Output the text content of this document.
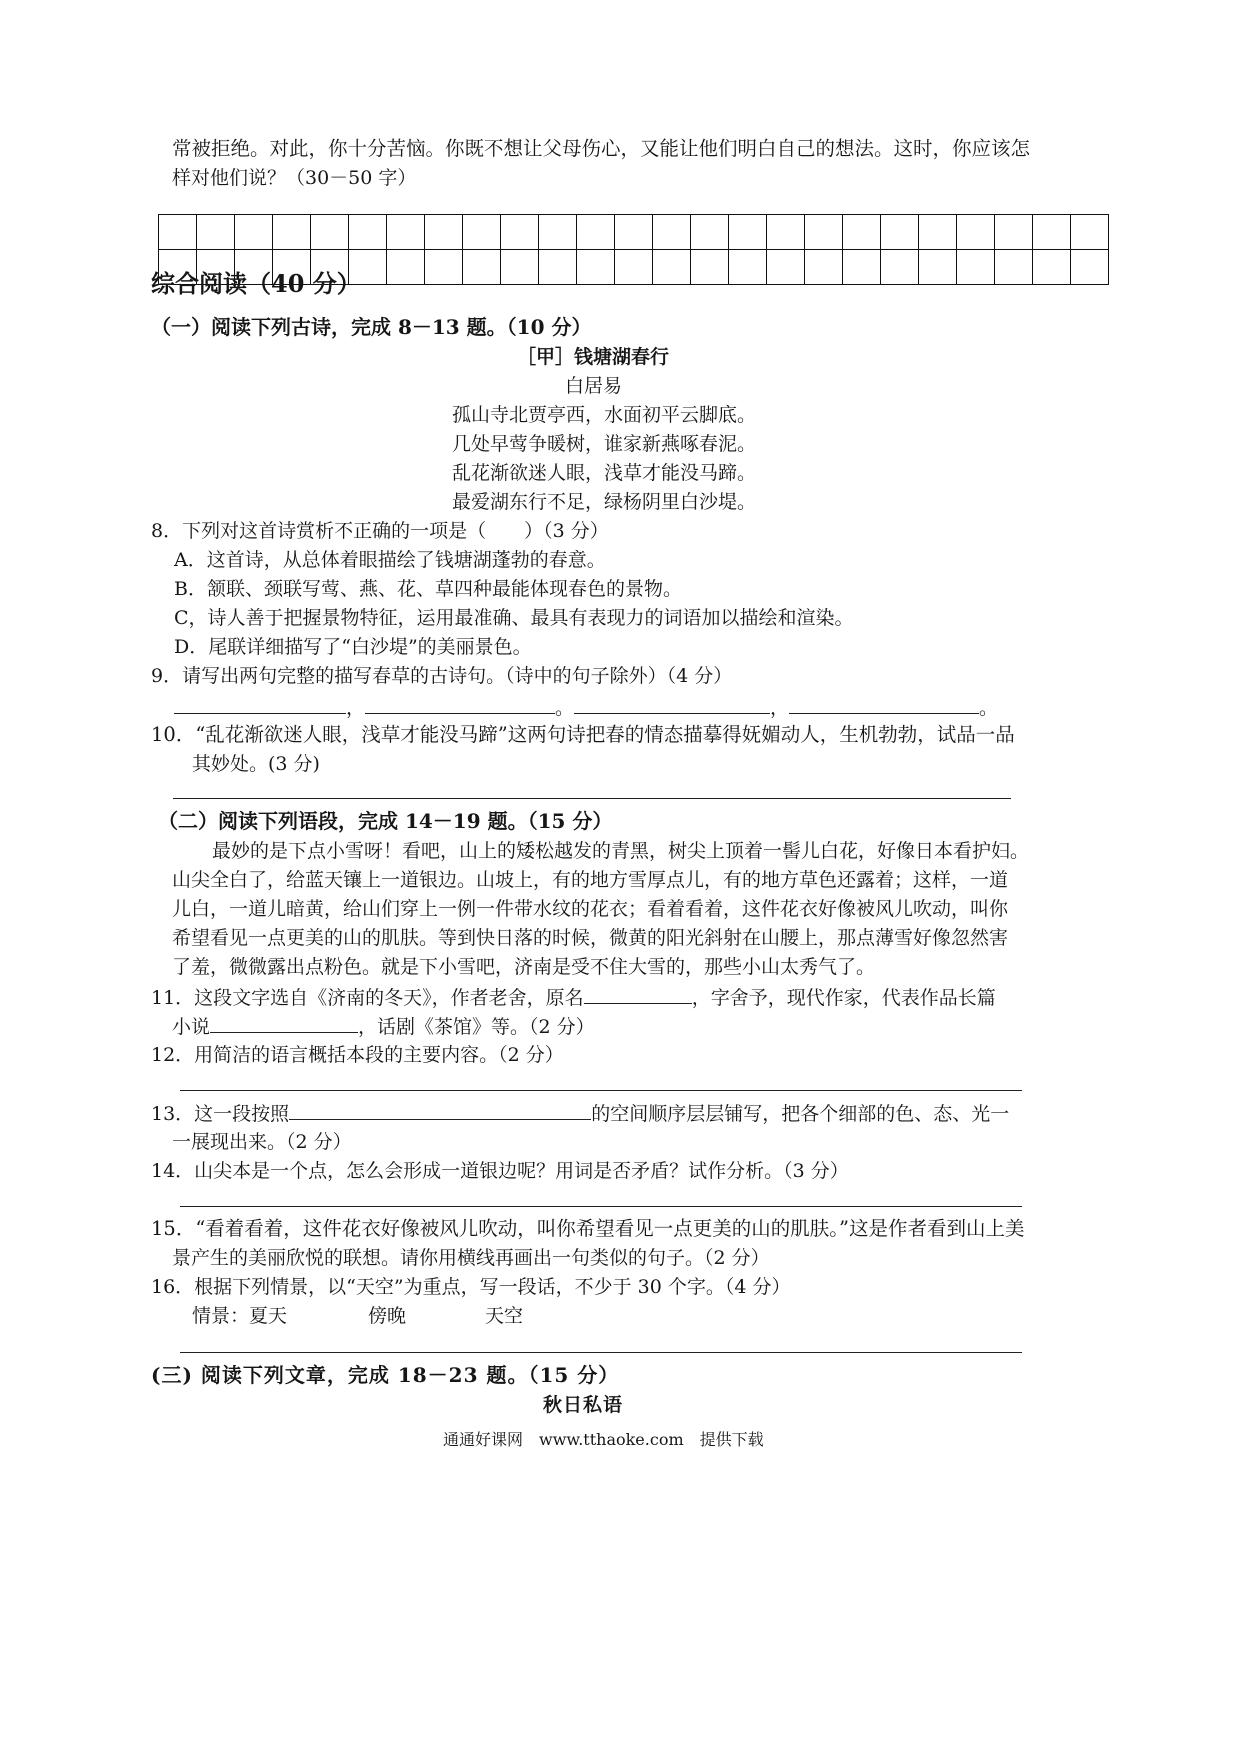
常被拒绝。对此，你十分苦恼。你既不想让父母伤心，又能让他们明白自己的想法。这时，你应该怎
样对他们说？（30－50 字）

综合阅读（40 分）
（一）阅读下列古诗，完成 8－13 题。（10 分）
［甲］钱塘湖春行
白居易
孤山寺北贾亭西，水面初平云脚底。
几处早莺争暖树，谁家新燕啄春泥。
乱花渐欲迷人眼，浅草才能没马蹄。
最爱湖东行不足，绿杨阴里白沙堤。
8．下列对这首诗赏析不正确的一项是（　　）（3 分）
A．这首诗，从总体着眼描绘了钱塘湖蓬勃的春意。
B．颔联、颈联写莺、燕、花、草四种最能体现春色的景物。
C，诗人善于把握景物特征，运用最准确、最具有表现力的词语加以描绘和渲染。
D．尾联详细描写了“白沙堤”的美丽景色。
9．请写出两句完整的描写春草的古诗句。（诗中的句子除外）（4 分）
，	。	，	。
10．“乱花渐欲迷人眼，浅草才能没马蹄”这两句诗把春的情态描摹得妩媚动人，生机勃勃，试品一品
其妙处。(3 分)
（二）阅读下列语段，完成 14－19 题。（15 分）
最妙的是下点小雪呀！看吧，山上的矮松越发的青黑，树尖上顶着一髻儿白花，好像日本看护妇。
山尖全白了，给蓝天镶上一道银边。山坡上，有的地方雪厚点儿，有的地方草色还露着；这样，一道
儿白，一道儿暗黄，给山们穿上一例一件带水纹的花衣；看着看着，这件花衣好像被风儿吹动，叫你
希望看见一点更美的山的肌肤。等到快日落的时候，微黄的阳光斜射在山腰上，那点薄雪好像忽然害
了羞，微微露出点粉色。就是下小雪吧，济南是受不住大雪的，那些小山太秀气了。
11．这段文字选自《济南的冬天》，作者老舍，原名	，字舍予，现代作家，代表作品长篇
小说	，话剧《茶馆》等。（2 分）
12．用简洁的语言概括本段的主要内容。（2 分）
13．这一段按照	的空间顺序层层铺写，把各个细部的色、态、光一
一展现出来。（2 分）
14．山尖本是一个点，怎么会形成一道银边呢？用词是否矛盾？试作分析。（3 分）
15．“看着看着，这件花衣好像被风儿吹动，叫你希望看见一点更美的山的肌肤。”这是作者看到山上美
景产生的美丽欣悦的联想。请你用横线再画出一句类似的句子。（2 分）
16．根据下列情景，以“天空”为重点，写一段话，不少于 30 个字。（4 分）
情景：夏天	傍晚	天空
(三) 阅读下列文章，完成 18－23 题。（15 分）
秋日私语
通通好课网　www.tthaoke.com　提供下载
